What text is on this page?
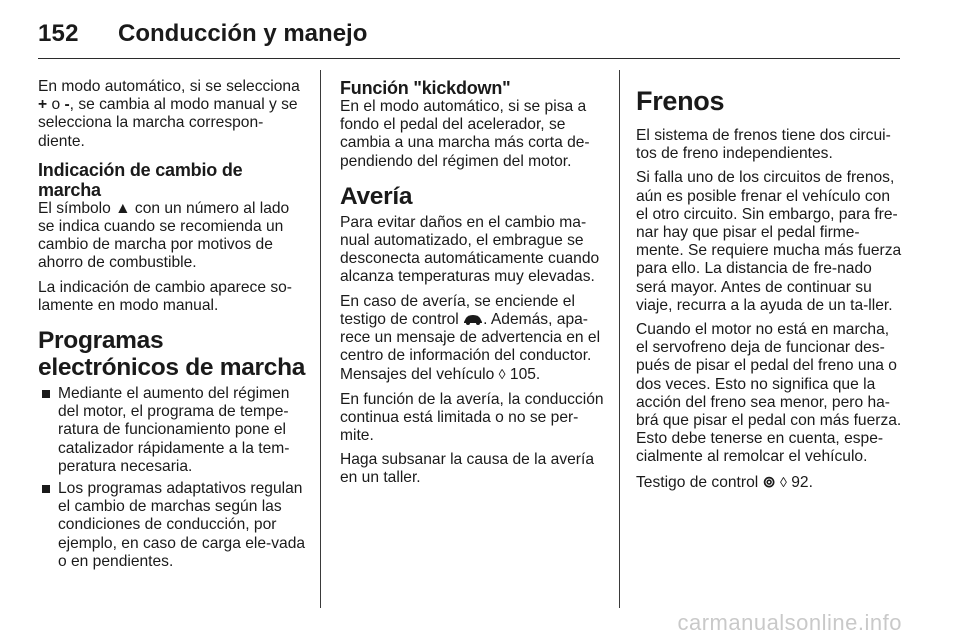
152 Conducción y manejo

En modo automático, si se selecciona + o -, se cambia al modo manual y se selecciona la marcha correspon-diente.

Indicación de cambio de marcha

El símbolo ▲ con un número al lado se indica cuando se recomienda un cambio de marcha por motivos de ahorro de combustible.

La indicación de cambio aparece so-lamente en modo manual.

Programas electrónicos de marcha
Mediante el aumento del régimen del motor, el programa de tempe-ratura de funcionamiento pone el catalizador rápidamente a la tem-peratura necesaria.
Los programas adaptativos regulan el cambio de marchas según las condiciones de conducción, por ejemplo, en caso de carga ele-vada o en pendientes.
Función "kickdown"

En el modo automático, si se pisa a fondo el pedal del acelerador, se cambia a una marcha más corta de-pendiendo del régimen del motor.

Avería

Para evitar daños en el cambio ma-nual automatizado, el embrague se desconecta automáticamente cuando alcanza temperaturas muy elevadas.

En caso de avería, se enciende el testigo de control . Además, apa-rece un mensaje de advertencia en el centro de información del conductor. Mensajes del vehículo ◊ 105.

En función de la avería, la conducción continua está limitada o no se per-mite.

Haga subsanar la causa de la avería en un taller.

Frenos

El sistema de frenos tiene dos circui-tos de freno independientes.

Si falla uno de los circuitos de frenos, aún es posible frenar el vehículo con el otro circuito. Sin embargo, para fre-nar hay que pisar el pedal firme-mente. Se requiere mucha más fuerza para ello. La distancia de fre-nado será mayor. Antes de continuar su viaje, recurra a la ayuda de un ta-ller.

Cuando el motor no está en marcha, el servofreno deja de funcionar des-pués de pisar el pedal del freno una o dos veces. Esto no significa que la acción del freno sea menor, pero ha-brá que pisar el pedal con más fuerza. Esto debe tenerse en cuenta, espe-cialmente al remolcar el vehículo.

Testigo de control ⊚ ◊ 92.

carmanualsonline.info
